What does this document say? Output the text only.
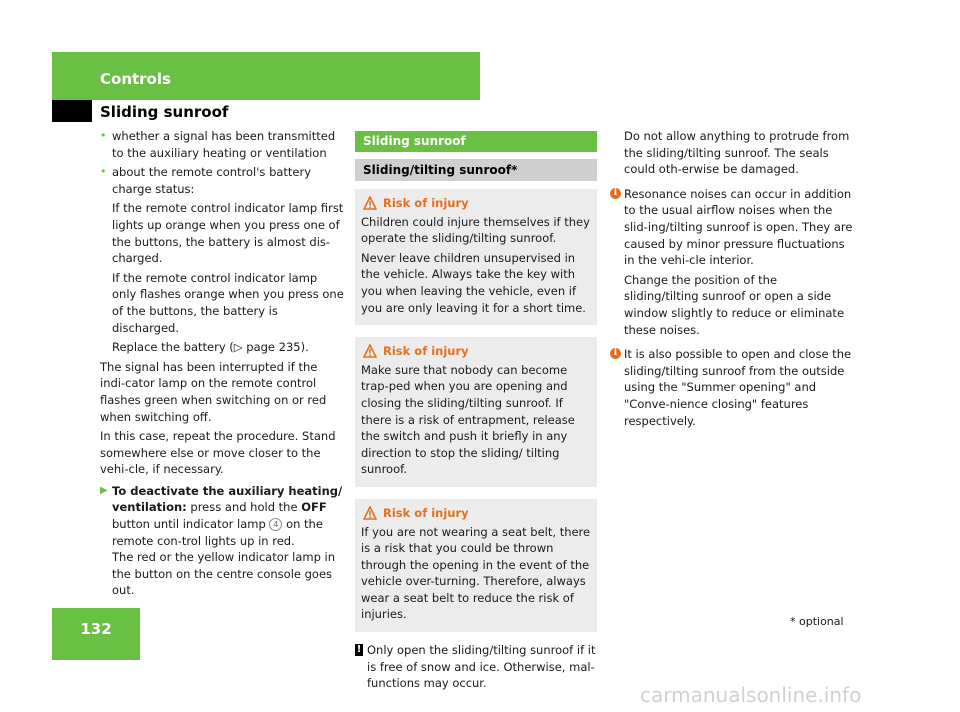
Controls
Sliding sunroof
• whether a signal has been transmitted to the auxiliary heating or ventilation
• about the remote control's battery charge status:
If the remote control indicator lamp first lights up orange when you press one of the buttons, the battery is almost dis-charged.
If the remote control indicator lamp only flashes orange when you press one of the buttons, the battery is discharged.
Replace the battery (▷ page 235).

The signal has been interrupted if the indi-cator lamp on the remote control flashes green when switching on or red when switching off.

In this case, repeat the procedure. Stand somewhere else or move closer to the vehi-cle, if necessary.

▶ To deactivate the auxiliary heating/ ventilation: press and hold the OFF button until indicator lamp 4 on the remote con-trol lights up in red.
The red or the yellow indicator lamp in the button on the centre console goes out.
Sliding sunroof
Sliding/tilting sunroof*
Risk of injury

Children could injure themselves if they operate the sliding/tilting sunroof.

Never leave children unsupervised in the vehicle. Always take the key with you when leaving the vehicle, even if you are only leaving it for a short time.

Risk of injury

Make sure that nobody can become trap-ped when you are opening and closing the sliding/tilting sunroof. If there is a risk of entrapment, release the switch and push it briefly in any direction to stop the sliding/ tilting sunroof.

Risk of injury

If you are not wearing a seat belt, there is a risk that you could be thrown through the opening in the event of the vehicle over-turning. Therefore, always wear a seat belt to reduce the risk of injuries.

! Only open the sliding/tilting sunroof if it is free of snow and ice. Otherwise, mal-functions may occur.

Do not allow anything to protrude from the sliding/tilting sunroof. The seals could oth-erwise be damaged.

i Resonance noises can occur in addition to the usual airflow noises when the slid-ing/tilting sunroof is open. They are caused by minor pressure fluctuations in the vehi-cle interior.

Change the position of the sliding/tilting sunroof or open a side window slightly to reduce or eliminate these noises.

i It is also possible to open and close the sliding/tilting sunroof from the outside using the "Summer opening" and "Conve-nience closing" features respectively.
132	* optional
carmanualsonline.info
